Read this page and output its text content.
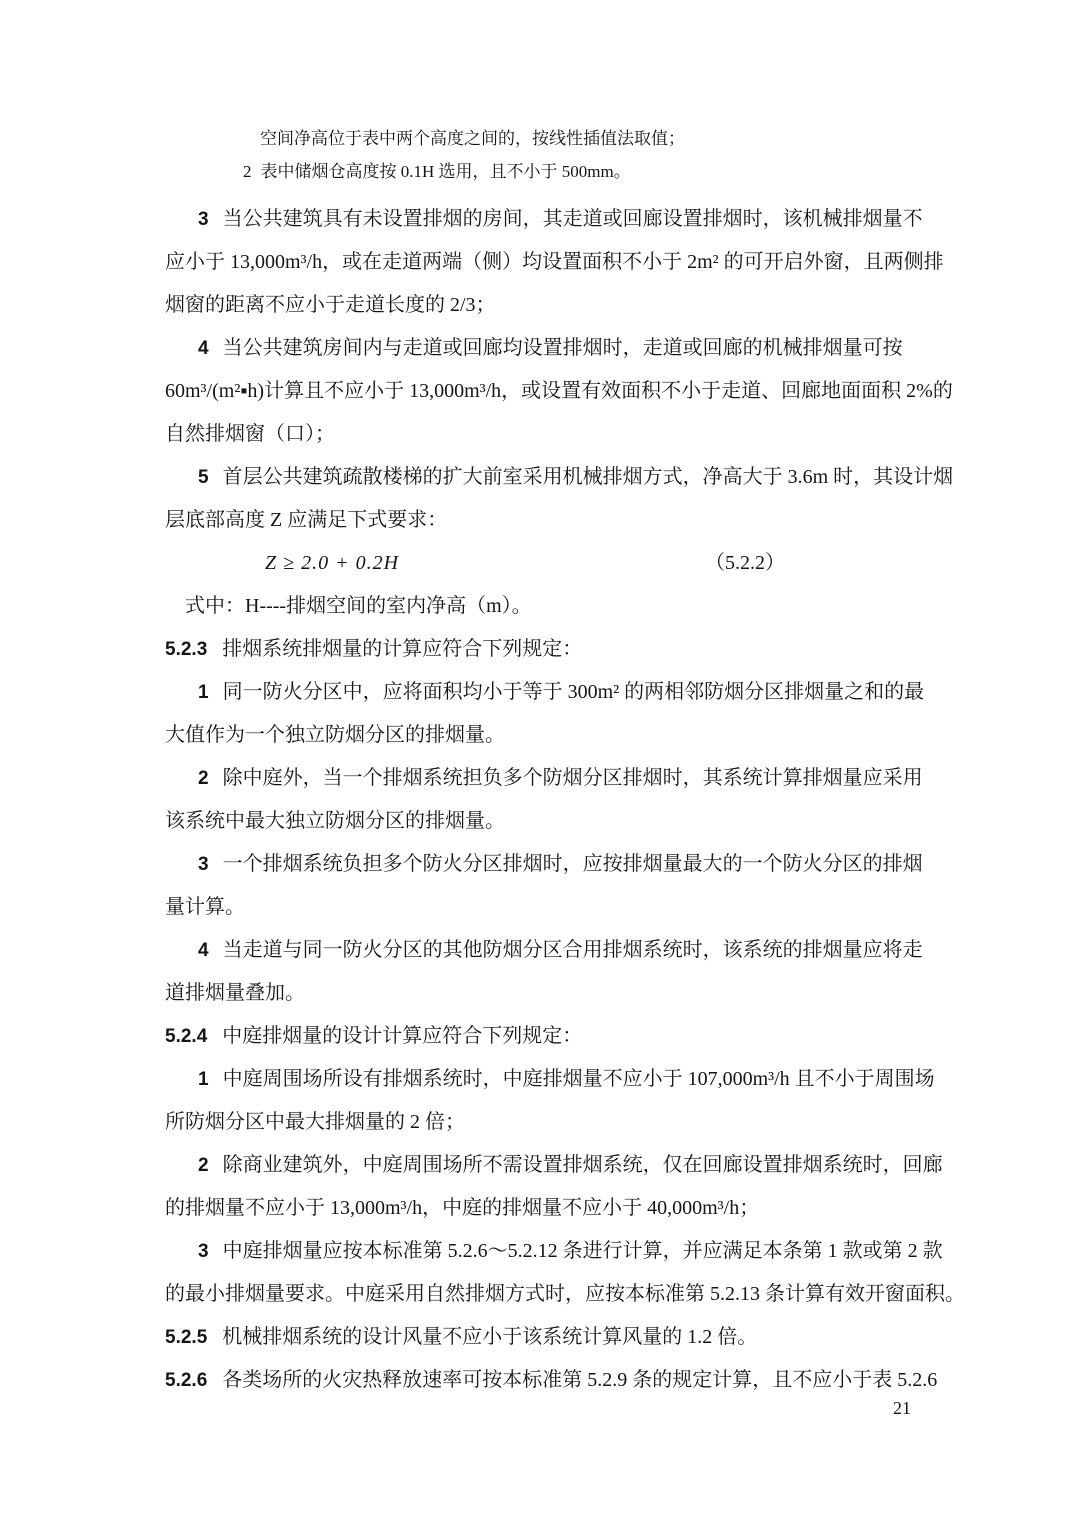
空间净高位于表中两个高度之间的，按线性插值法取值；
2 表中储烟仓高度按 0.1H 选用，且不小于 500mm。
3 当公共建筑具有未设置排烟的房间，其走道或回廊设置排烟时，该机械排烟量不
应小于 13,000m³/h，或在走道两端（侧）均设置面积不小于 2m² 的可开启外窗，且两侧排
烟窗的距离不应小于走道长度的 2/3；
4 当公共建筑房间内与走道或回廊均设置排烟时，走道或回廊的机械排烟量可按
60m³/(m²▪h)计算且不应小于 13,000m³/h，或设置有效面积不小于走道、回廊地面面积 2%的
自然排烟窗（口）；
5 首层公共建筑疏散楼梯的扩大前室采用机械排烟方式，净高大于 3.6m 时，其设计烟
层底部高度 Z 应满足下式要求：
Z ≥ 2.0 + 0.2H	（5.2.2）
式中：H----排烟空间的室内净高（m）。
5.2.3 排烟系统排烟量的计算应符合下列规定：
1 同一防火分区中，应将面积均小于等于 300m² 的两相邻防烟分区排烟量之和的最
大值作为一个独立防烟分区的排烟量。
2 除中庭外，当一个排烟系统担负多个防烟分区排烟时，其系统计算排烟量应采用
该系统中最大独立防烟分区的排烟量。
3 一个排烟系统负担多个防火分区排烟时，应按排烟量最大的一个防火分区的排烟
量计算。
4 当走道与同一防火分区的其他防烟分区合用排烟系统时，该系统的排烟量应将走
道排烟量叠加。
5.2.4 中庭排烟量的设计计算应符合下列规定：
1 中庭周围场所设有排烟系统时，中庭排烟量不应小于 107,000m³/h 且不小于周围场
所防烟分区中最大排烟量的 2 倍；
2 除商业建筑外，中庭周围场所不需设置排烟系统，仅在回廊设置排烟系统时，回廊
的排烟量不应小于 13,000m³/h，中庭的排烟量不应小于 40,000m³/h；
3 中庭排烟量应按本标准第 5.2.6～5.2.12 条进行计算，并应满足本条第 1 款或第 2 款
的最小排烟量要求。中庭采用自然排烟方式时，应按本标准第 5.2.13 条计算有效开窗面积。
5.2.5 机械排烟系统的设计风量不应小于该系统计算风量的 1.2 倍。
5.2.6 各类场所的火灾热释放速率可按本标准第 5.2.9 条的规定计算，且不应小于表 5.2.6
21
